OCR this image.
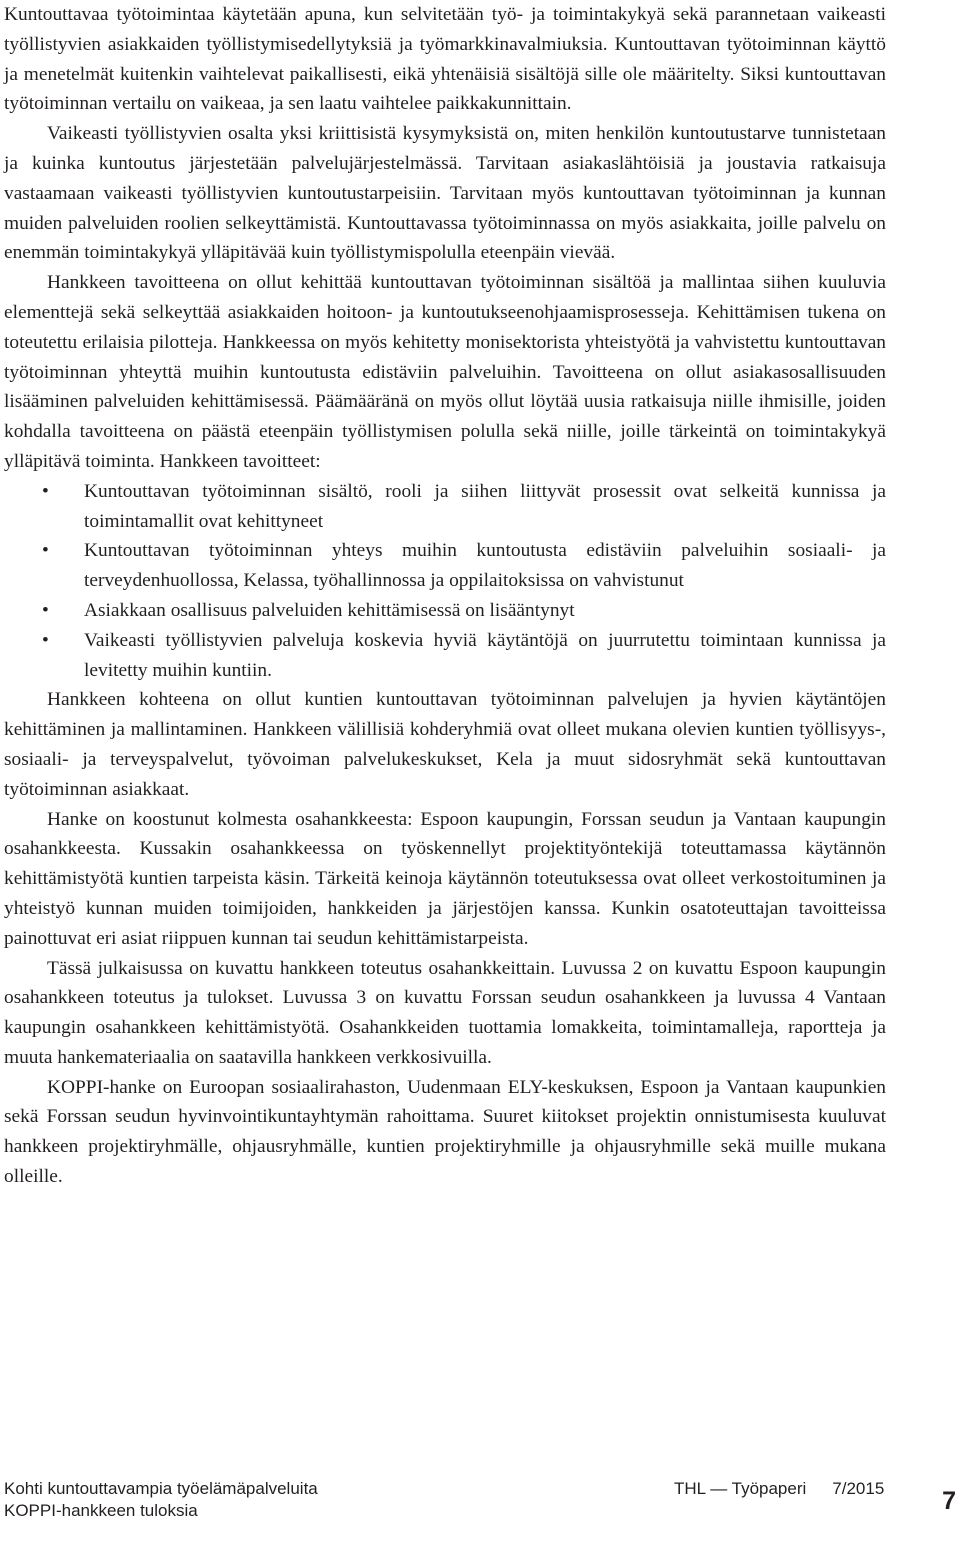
Kuntouttavaa työtoimintaa käytetään apuna, kun selvitetään työ- ja toimintakykyä sekä parannetaan vaikeasti työllistyvien asiakkaiden työllistymisedellytyksiä ja työmarkkinavalmiuksia. Kuntouttavan työtoiminnan käyttö ja menetelmät kuitenkin vaihtelevat paikallisesti, eikä yhtenäisiä sisältöjä sille ole määritelty. Siksi kuntouttavan työtoiminnan vertailu on vaikeaa, ja sen laatu vaihtelee paikkakunnittain.

Vaikeasti työllistyvien osalta yksi kriittisistä kysymyksistä on, miten henkilön kuntoutustarve tunnistetaan ja kuinka kuntoutus järjestetään palvelujärjestelmässä. Tarvitaan asiakaslähtöisiä ja joustavia ratkaisuja vastaamaan vaikeasti työllistyvien kuntoutustarpeisiin. Tarvitaan myös kuntouttavan työtoiminnan ja kunnan muiden palveluiden roolien selkeyttämistä. Kuntouttavassa työtoiminnassa on myös asiakkaita, joille palvelu on enemmän toimintakykyä ylläpitävää kuin työllistymispolulla eteenpäin vievää.

Hankkeen tavoitteena on ollut kehittää kuntouttavan työtoiminnan sisältöä ja mallintaa siihen kuuluvia elementtejä sekä selkeyttää asiakkaiden hoitoon- ja kuntoutukseenohjaamisprosesseja. Kehittämisen tukena on toteutettu erilaisia pilotteja. Hankkeessa on myös kehitetty monisektorista yhteistyötä ja vahvistettu kuntouttavan työtoiminnan yhteyttä muihin kuntoutusta edistäviin palveluihin. Tavoitteena on ollut asiakasosallisuuden lisääminen palveluiden kehittämisessä. Päämääränä on myös ollut löytää uusia ratkaisuja niille ihmisille, joiden kohdalla tavoitteena on päästä eteenpäin työllistymisen polulla sekä niille, joille tärkeintä on toimintakykyä ylläpitävä toiminta. Hankkeen tavoitteet:

• Kuntouttavan työtoiminnan sisältö, rooli ja siihen liittyvät prosessit ovat selkeitä kunnissa ja toimintamallit ovat kehittyneet
• Kuntouttavan työtoiminnan yhteys muihin kuntoutusta edistäviin palveluihin sosiaali- ja terveydenhuollossa, Kelassa, työhallinnossa ja oppilaitoksissa on vahvistunut
• Asiakkaan osallisuus palveluiden kehittämisessä on lisääntynyt
• Vaikeasti työllistyvien palveluja koskevia hyviä käytäntöjä on juurrutettu toimintaan kunnissa ja levitetty muihin kuntiin.

Hankkeen kohteena on ollut kuntien kuntouttavan työtoiminnan palvelujen ja hyvien käytäntöjen kehittäminen ja mallintaminen. Hankkeen välillisiä kohderyhmiä ovat olleet mukana olevien kuntien työllisyys-, sosiaali- ja terveyspalvelut, työvoiman palvelukeskukset, Kela ja muut sidosryhmät sekä kuntouttavan työtoiminnan asiakkaat.

Hanke on koostunut kolmesta osahankkeesta: Espoon kaupungin, Forssan seudun ja Vantaan kaupungin osahankkeesta. Kussakin osahankkeessa on työskennellyt projektityöntekijä toteuttamassa käytännön kehittämistyötä kuntien tarpeista käsin. Tärkeitä keinoja käytännön toteutuksessa ovat olleet verkostoituminen ja yhteistyö kunnan muiden toimijoiden, hankkeiden ja järjestöjen kanssa. Kunkin osatoteuttajan tavoitteissa painottuvat eri asiat riippuen kunnan tai seudun kehittämistarpeista.

Tässä julkaisussa on kuvattu hankkeen toteutus osahankkeittain. Luvussa 2 on kuvattu Espoon kaupungin osahankkeen toteutus ja tulokset. Luvussa 3 on kuvattu Forssan seudun osahankkeen ja luvussa 4 Vantaan kaupungin osahankkeen kehittämistyötä. Osahankkeiden tuottamia lomakkeita, toimintamalleja, raportteja ja muuta hankemateriaalia on saatavilla hankkeen verkkosivuilla.

KOPPI-hanke on Euroopan sosiaalirahaston, Uudenmaan ELY-keskuksen, Espoon ja Vantaan kaupunkien sekä Forssan seudun hyvinvointikuntayhtymän rahoittama. Suuret kiitokset projektin onnistumisesta kuuluvat hankkeen projektiryhmälle, ohjausryhmälle, kuntien projektiryhmille ja ohjausryhmille sekä muille mukana olleille.

Kohti kuntouttavampia työelämäpalveluita
KOPPI-hankkeen tuloksia
THL — Työpaperi 7/2015 7
